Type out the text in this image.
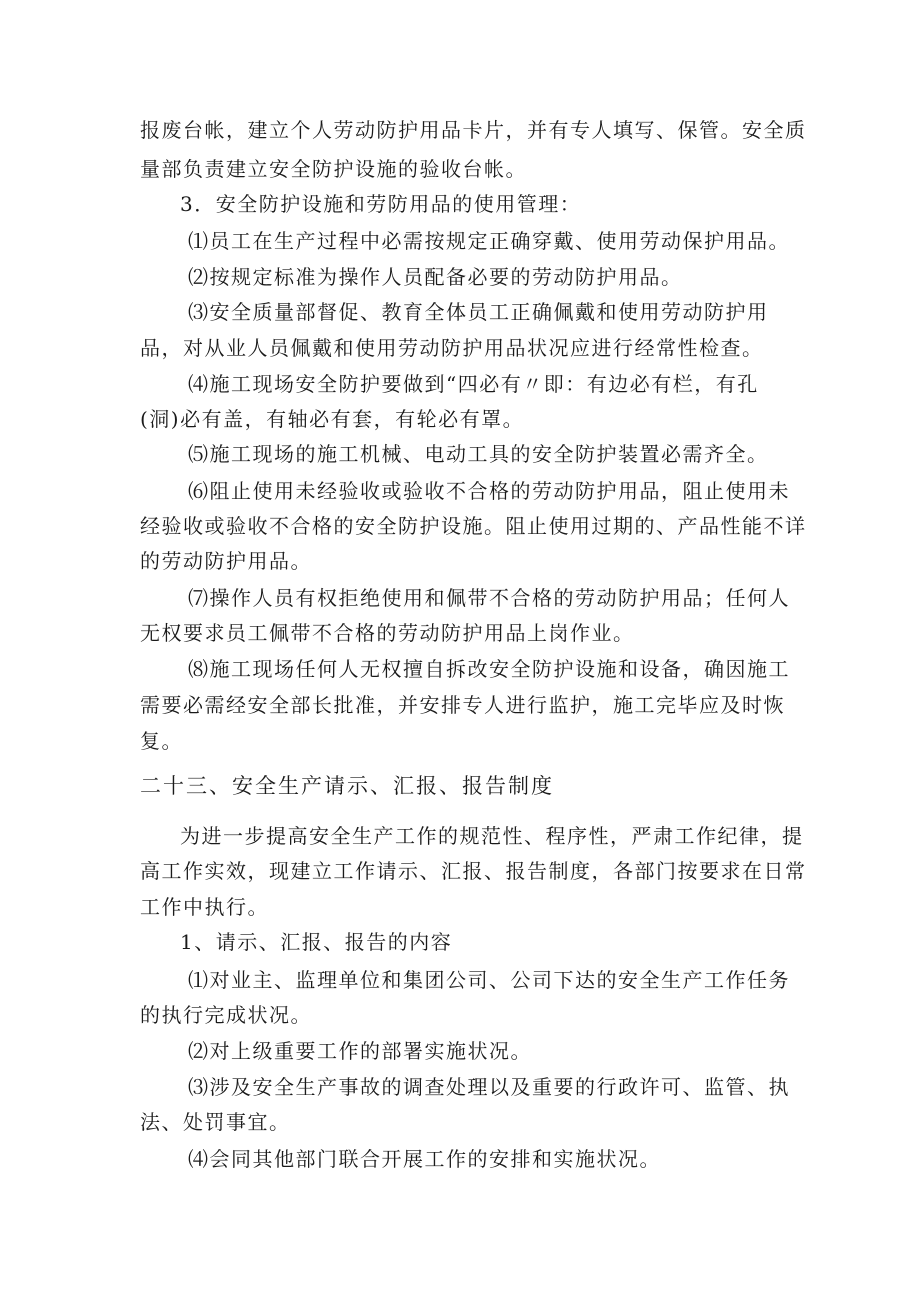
报废台帐，建立个人劳动防护用品卡片，并有专人填写、保管。安全质

量部负责建立安全防护设施的验收台帐。

3．安全防护设施和劳防用品的使用管理：

⑴员工在生产过程中必需按规定正确穿戴、使用劳动保护用品。

⑵按规定标准为操作人员配备必要的劳动防护用品。

⑶安全质量部督促、教育全体员工正确佩戴和使用劳动防护用

品，对从业人员佩戴和使用劳动防护用品状况应进行经常性检查。

⑷施工现场安全防护要做到“四必有〃即：有边必有栏，有孔

(洞)必有盖，有轴必有套，有轮必有罩。

⑸施工现场的施工机械、电动工具的安全防护装置必需齐全。

⑹阻止使用未经验收或验收不合格的劳动防护用品，阻止使用未

经验收或验收不合格的安全防护设施。阻止使用过期的、产品性能不详

的劳动防护用品。

⑺操作人员有权拒绝使用和佩带不合格的劳动防护用品；任何人

无权要求员工佩带不合格的劳动防护用品上岗作业。

⑻施工现场任何人无权擅自拆改安全防护设施和设备，确因施工

需要必需经安全部长批准，并安排专人进行监护，施工完毕应及时恢

复。

二十三、安全生产请示、汇报、报告制度

为进一步提高安全生产工作的规范性、程序性，严肃工作纪律，提

高工作实效，现建立工作请示、汇报、报告制度，各部门按要求在日常

工作中执行。

1、请示、汇报、报告的内容

⑴对业主、监理单位和集团公司、公司下达的安全生产工作任务

的执行完成状况。

⑵对上级重要工作的部署实施状况。

⑶涉及安全生产事故的调查处理以及重要的行政许可、监管、执

法、处罚事宜。

⑷会同其他部门联合开展工作的安排和实施状况。
